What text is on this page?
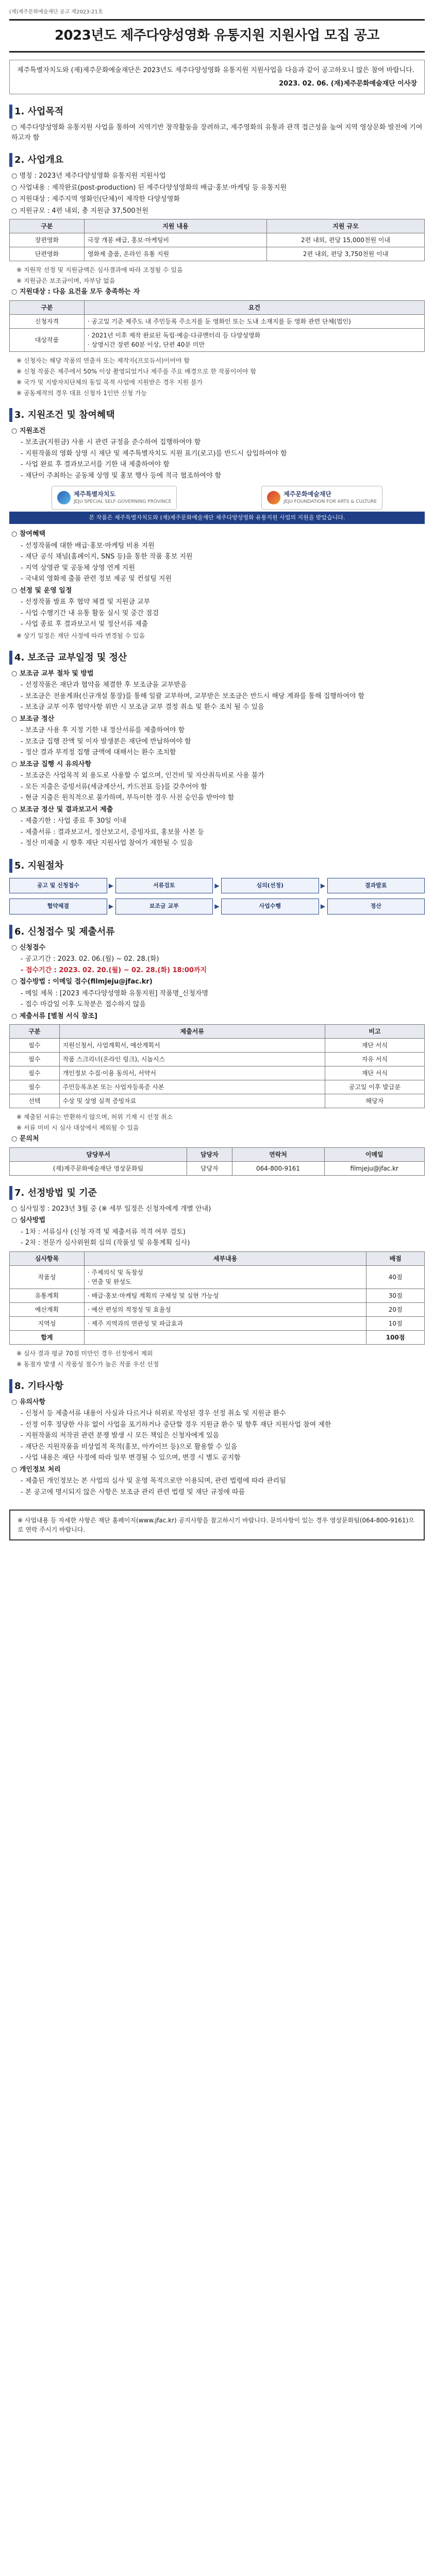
(재)제주문화예술재단 공고 제2023-21호
2023년도 제주다양성영화 유통지원 지원사업 모집 공고
제주특별자치도와 (재)제주문화예술재단은 2023년도 제주다양성영화 유통지원 지원사업을 다음과 같이 공고하오니 많은 참여 바랍니다.
2023. 02. 06. (재)제주문화예술재단 이사장
1. 사업목적

○ 제주다양성영화 유통지원 사업을 통하여 지역기반 창작활동을 장려하고, 제주영화의 유통과 관객 접근성을 높여 지역 영상문화 발전에 기여하고자 함

2. 사업개요

○ 명칭 : 2023년 제주다양성영화 유통지원 지원사업

○ 사업내용 : 제작완료(post-production) 된 제주다양성영화의 배급·홍보·마케팅 등 유통지원

○ 지원대상 : 제주지역 영화인(단체)이 제작한 다양성영화

○ 지원규모 : 4편 내외, 총 지원금 37,500천원

구분	지원 내용	지원 규모
장편영화	극장 개봉 배급, 홍보·마케팅비	2편 내외, 편당 15,000천원 이내
단편영화	영화제 출품, 온라인 유통 지원	2편 내외, 편당 3,750천원 이내

※ 지원작 선정 및 지원금액은 심사결과에 따라 조정될 수 있음

※ 지원금은 보조금이며, 자부담 없음

○ 지원대상 : 다음 요건을 모두 충족하는 자

구분	요건
신청자격	· 공고일 기준 제주도 내 주민등록 주소지를 둔 영화인 또는 도내 소재지를 둔 영화 관련 단체(법인)
대상작품	· 2021년 이후 제작 완료된 독립·예술·다큐멘터리 등 다양성영화
· 상영시간 장편 60분 이상, 단편 40분 미만

※ 신청자는 해당 작품의 연출자 또는 제작자(프로듀서)이어야 함

※ 신청 작품은 제주에서 50% 이상 촬영되었거나 제주를 주요 배경으로 한 작품이어야 함

※ 국가 및 지방자치단체의 동일 목적 사업에 지원받은 경우 지원 불가

※ 공동제작의 경우 대표 신청자 1인만 신청 가능

3. 지원조건 및 참여혜택

○ 지원조건

- 보조금(지원금) 사용 시 관련 규정을 준수하여 집행하여야 함

- 지원작품의 영화 상영 시 재단 및 제주특별자치도 지원 표기(로고)를 반드시 삽입하여야 함

- 사업 완료 후 결과보고서를 기한 내 제출하여야 함

- 재단이 주최하는 공동체 상영 및 홍보 행사 등에 적극 협조하여야 함

제주특별자치도
JEJU SPECIAL SELF-GOVERNING PROVINCE
제주문화예술재단
JEJU FOUNDATION FOR ARTS & CULTURE
본 작품은 제주특별자치도와 (재)제주문화예술재단 제주다양성영화 유통지원 사업의 지원을 받았습니다.

○ 참여혜택

- 선정작품에 대한 배급·홍보·마케팅 비용 지원

- 재단 공식 채널(홈페이지, SNS 등)을 통한 작품 홍보 지원

- 지역 상영관 및 공동체 상영 연계 지원

- 국내외 영화제 출품 관련 정보 제공 및 컨설팅 지원

○ 선정 및 운영 일정

- 선정작품 발표 후 협약 체결 및 지원금 교부

- 사업 수행기간 내 유통 활동 실시 및 중간 점검

- 사업 종료 후 결과보고서 및 정산서류 제출

※ 상기 일정은 재단 사정에 따라 변경될 수 있음

4. 보조금 교부일정 및 정산

○ 보조금 교부 절차 및 방법

- 선정작품은 재단과 협약을 체결한 후 보조금을 교부받음

- 보조금은 전용계좌(신규개설 통장)를 통해 일괄 교부하며, 교부받은 보조금은 반드시 해당 계좌를 통해 집행하여야 함

- 보조금 교부 이후 협약사항 위반 시 보조금 교부 결정 취소 및 환수 조치 될 수 있음

○ 보조금 정산

- 보조금 사용 후 지정 기한 내 정산서류를 제출하여야 함

- 보조금 집행 잔액 및 이자 발생분은 재단에 반납하여야 함

- 정산 결과 부적정 집행 금액에 대해서는 환수 조치함

○ 보조금 집행 시 유의사항

- 보조금은 사업목적 외 용도로 사용할 수 없으며, 인건비 및 자산취득비로 사용 불가

- 모든 지출은 증빙서류(세금계산서, 카드전표 등)를 갖추어야 함

- 현금 지출은 원칙적으로 불가하며, 부득이한 경우 사전 승인을 받아야 함

○ 보조금 정산 및 결과보고서 제출

- 제출기한 : 사업 종료 후 30일 이내

- 제출서류 : 결과보고서, 정산보고서, 증빙자료, 홍보물 사본 등

- 정산 미제출 시 향후 재단 지원사업 참여가 제한될 수 있음

5. 지원절차
공고 및 신청접수	▶	서류검토	▶	심의(선정)	▶	결과발표
협약체결	▶	보조금 교부	▶	사업수행	▶	정산
6. 신청접수 및 제출서류

○ 신청접수

- 공고기간 : 2023. 02. 06.(월) ~ 02. 28.(화)

- 접수기간 : 2023. 02. 20.(월) ~ 02. 28.(화) 18:00까지

○ 접수방법 : 이메일 접수(filmjeju@jfac.kr)

- 메일 제목 : [2023 제주다양성영화 유통지원] 작품명_신청자명

- 접수 마감일 이후 도착분은 접수하지 않음

○ 제출서류 [별첨 서식 참조]

구분	제출서류	비고
필수	지원신청서, 사업계획서, 예산계획서	재단 서식
필수	작품 스크리너(온라인 링크), 시놉시스	자유 서식
필수	개인정보 수집·이용 동의서, 서약서	재단 서식
필수	주민등록초본 또는 사업자등록증 사본	공고일 이후 발급분
선택	수상 및 상영 실적 증빙자료	해당자

※ 제출된 서류는 반환하지 않으며, 허위 기재 시 선정 취소

※ 서류 미비 시 심사 대상에서 제외될 수 있음

○ 문의처

담당부서	담당자	연락처	이메일
(재)제주문화예술재단 영상문화팀	담당자	064-800-9161	filmjeju@jfac.kr
7. 선정방법 및 기준

○ 심사일정 : 2023년 3월 중 (※ 세부 일정은 신청자에게 개별 안내)

○ 심사방법

- 1차 : 서류심사 (신청 자격 및 제출서류 적격 여부 검토)

- 2차 : 전문가 심사위원회 심의 (작품성 및 유통계획 심사)

심사항목	세부내용	배점
작품성	· 주제의식 및 독창성
· 연출 및 완성도	40점
유통계획	· 배급·홍보·마케팅 계획의 구체성 및 실현 가능성	30점
예산계획	· 예산 편성의 적정성 및 효율성	20점
지역성	· 제주 지역과의 연관성 및 파급효과	10점
합계		100점

※ 심사 결과 평균 70점 미만인 경우 선정에서 제외

※ 동점자 발생 시 작품성 점수가 높은 작품 우선 선정

8. 기타사항

○ 유의사항

- 신청서 등 제출서류 내용이 사실과 다르거나 허위로 작성된 경우 선정 취소 및 지원금 환수

- 선정 이후 정당한 사유 없이 사업을 포기하거나 중단할 경우 지원금 환수 및 향후 재단 지원사업 참여 제한

- 지원작품의 저작권 관련 분쟁 발생 시 모든 책임은 신청자에게 있음

- 재단은 지원작품을 비상업적 목적(홍보, 아카이브 등)으로 활용할 수 있음

- 사업 내용은 재단 사정에 따라 일부 변경될 수 있으며, 변경 시 별도 공지함

○ 개인정보 처리

- 제출된 개인정보는 본 사업의 심사 및 운영 목적으로만 이용되며, 관련 법령에 따라 관리됨

- 본 공고에 명시되지 않은 사항은 보조금 관리 관련 법령 및 재단 규정에 따름

※ 사업내용 등 자세한 사항은 재단 홈페이지(www.jfac.kr) 공지사항을 참고하시기 바랍니다. 문의사항이 있는 경우 영상문화팀(064-800-9161)으로 연락 주시기 바랍니다.
